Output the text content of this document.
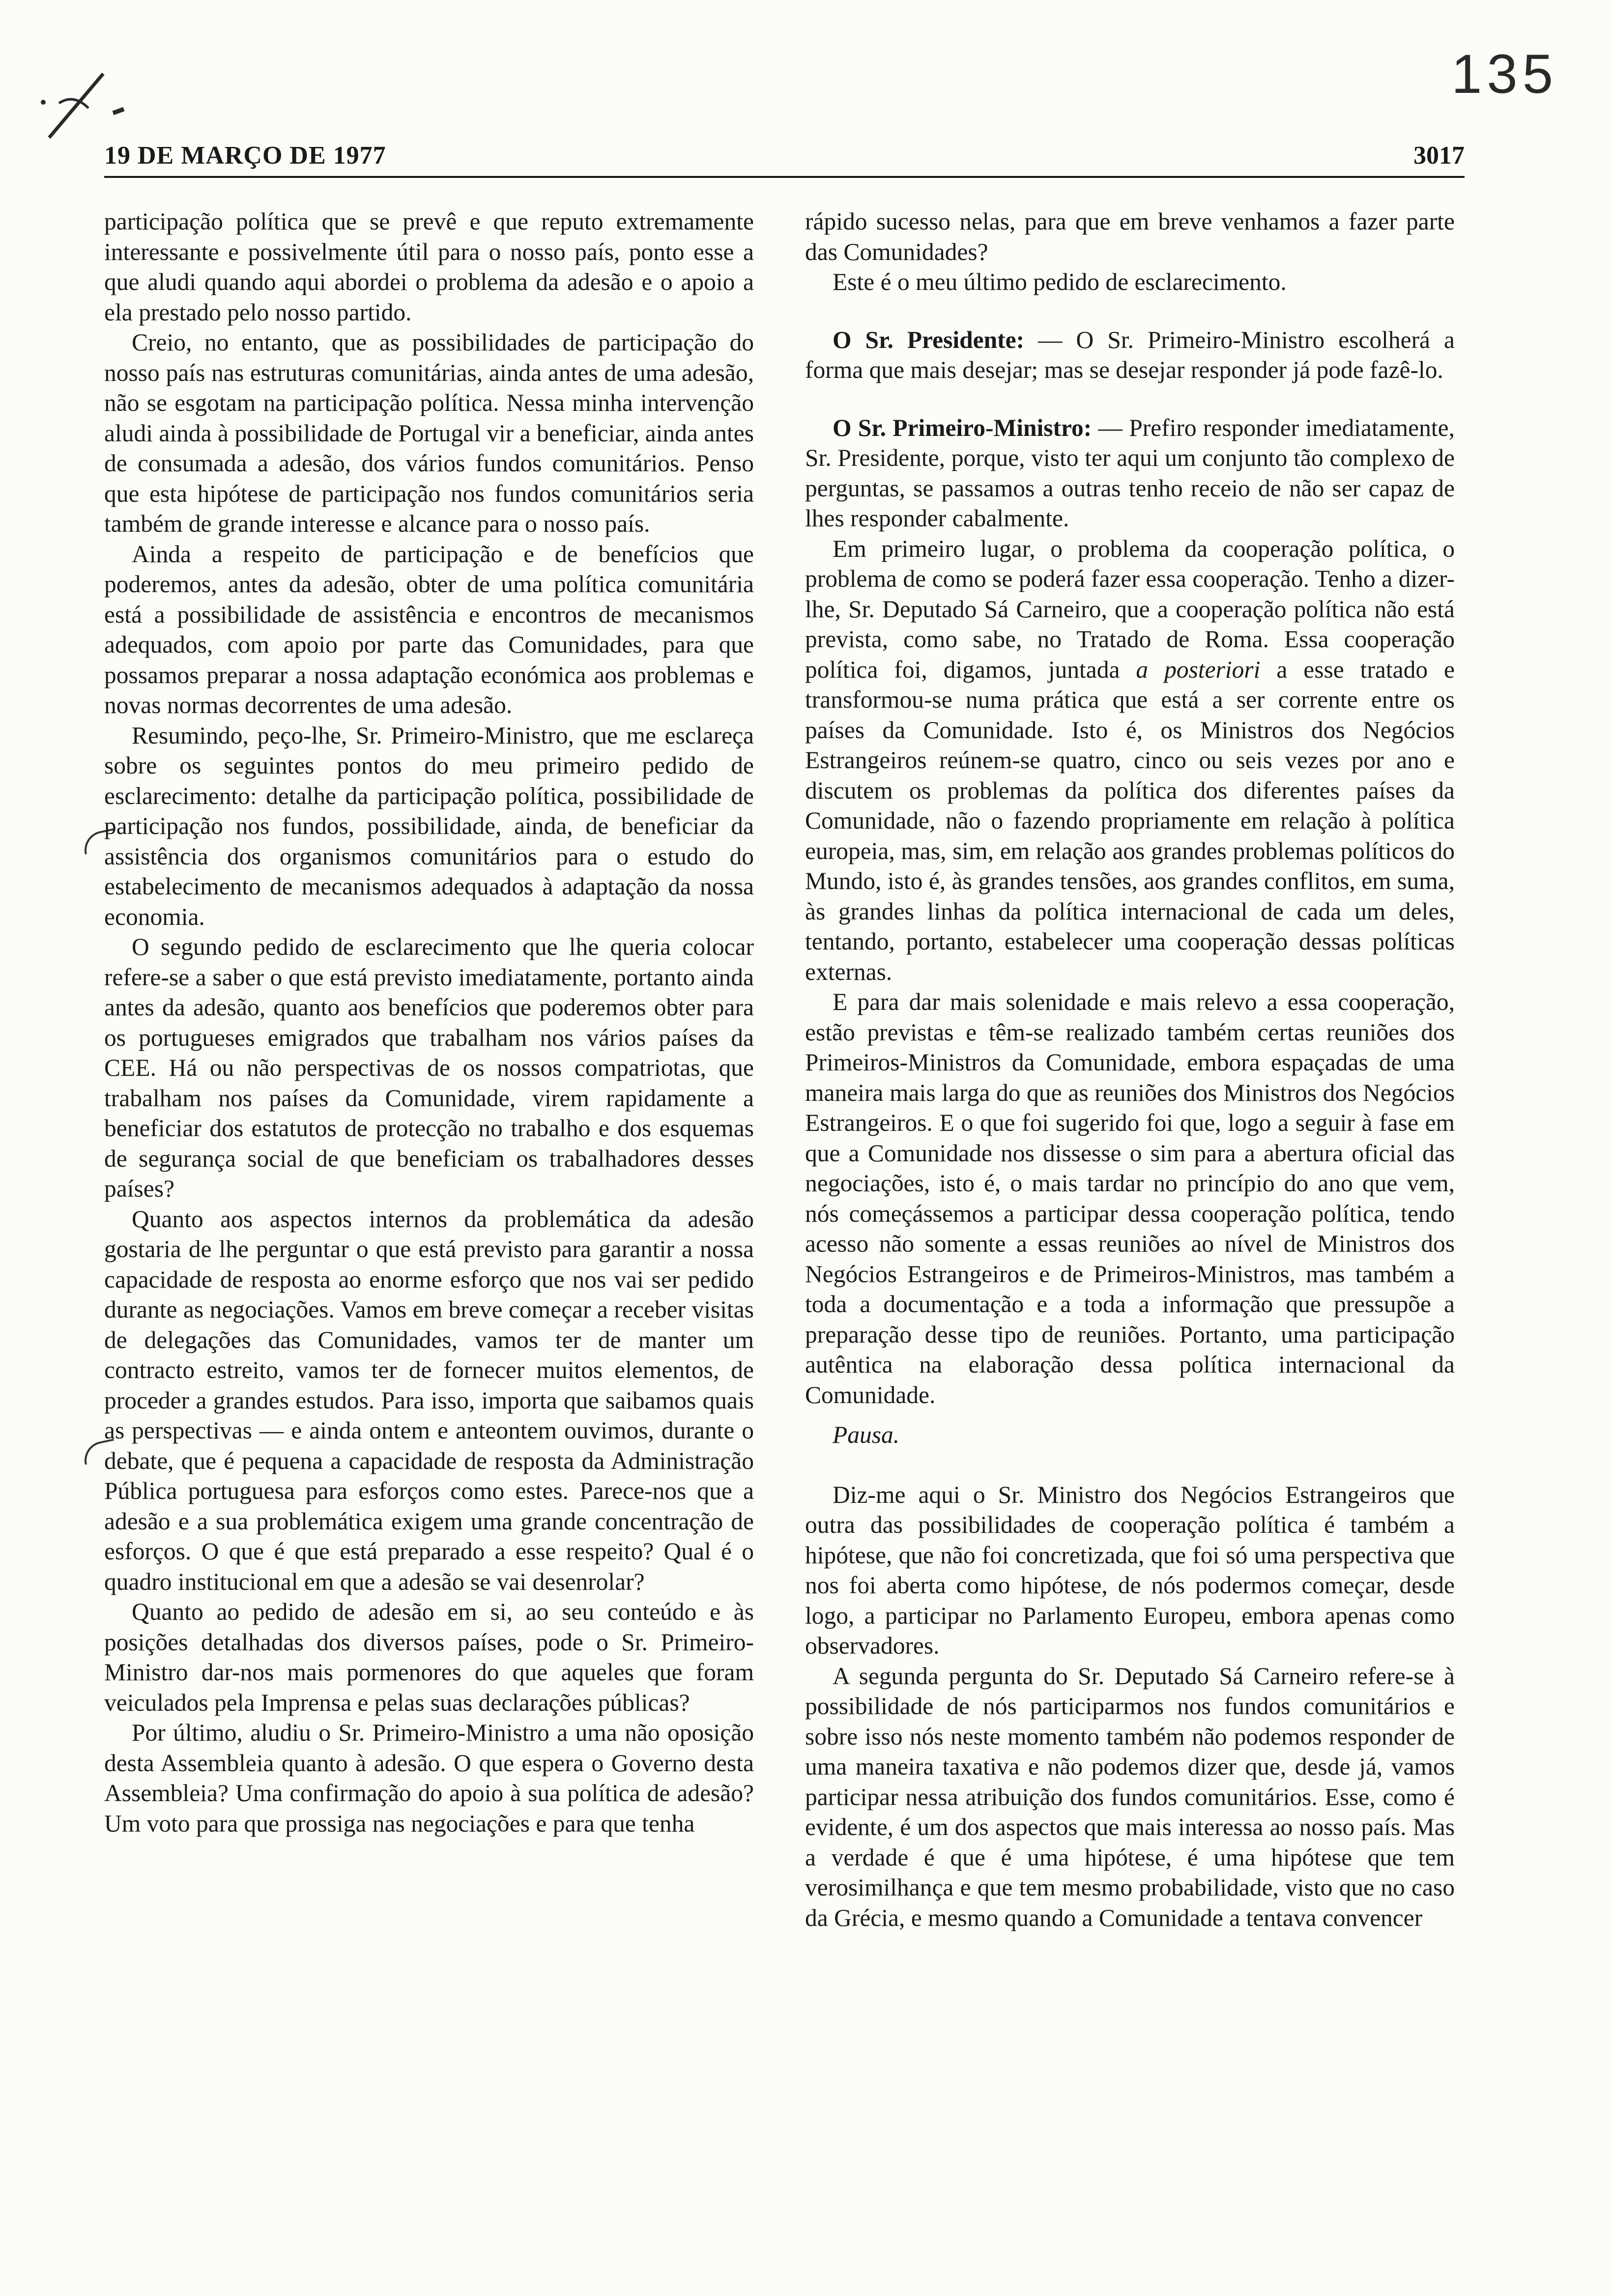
135
19 DE MARÇO DE 1977	3017

participação política que se prevê e que reputo extremamente interessante e possivelmente útil para o nosso país, ponto esse a que aludi quando aqui abordei o problema da adesão e o apoio a ela prestado pelo nosso partido.

Creio, no entanto, que as possibilidades de participação do nosso país nas estruturas comunitárias, ainda antes de uma adesão, não se esgotam na participação política. Nessa minha intervenção aludi ainda à possibilidade de Portugal vir a beneficiar, ainda antes de consumada a adesão, dos vários fundos comunitários. Penso que esta hipótese de participação nos fundos comunitários seria também de grande interesse e alcance para o nosso país.

Ainda a respeito de participação e de benefícios que poderemos, antes da adesão, obter de uma política comunitária está a possibilidade de assistência e encontros de mecanismos adequados, com apoio por parte das Comunidades, para que possamos preparar a nossa adaptação económica aos problemas e novas normas decorrentes de uma adesão.

Resumindo, peço-lhe, Sr. Primeiro-Ministro, que me esclareça sobre os seguintes pontos do meu primeiro pedido de esclarecimento: detalhe da participação política, possibilidade de participação nos fundos, possibilidade, ainda, de beneficiar da assistência dos organismos comunitários para o estudo do estabelecimento de mecanismos adequados à adaptação da nossa economia.

O segundo pedido de esclarecimento que lhe queria colocar refere-se a saber o que está previsto imediatamente, portanto ainda antes da adesão, quanto aos benefícios que poderemos obter para os portugueses emigrados que trabalham nos vários países da CEE. Há ou não perspectivas de os nossos compatriotas, que trabalham nos países da Comunidade, virem rapidamente a beneficiar dos estatutos de protecção no trabalho e dos esquemas de segurança social de que beneficiam os trabalhadores desses países?

Quanto aos aspectos internos da problemática da adesão gostaria de lhe perguntar o que está previsto para garantir a nossa capacidade de resposta ao enorme esforço que nos vai ser pedido durante as negociações. Vamos em breve começar a receber visitas de delegações das Comunidades, vamos ter de manter um contracto estreito, vamos ter de fornecer muitos elementos, de proceder a grandes estudos. Para isso, importa que saibamos quais as perspectivas — e ainda ontem e anteontem ouvimos, durante o debate, que é pequena a capacidade de resposta da Administração Pública portuguesa para esforços como estes. Parece-nos que a adesão e a sua problemática exigem uma grande concentração de esforços. O que é que está preparado a esse respeito? Qual é o quadro institucional em que a adesão se vai desenrolar?

Quanto ao pedido de adesão em si, ao seu conteúdo e às posições detalhadas dos diversos países, pode o Sr. Primeiro-Ministro dar-nos mais pormenores do que aqueles que foram veiculados pela Imprensa e pelas suas declarações públicas?

Por último, aludiu o Sr. Primeiro-Ministro a uma não oposição desta Assembleia quanto à adesão. O que espera o Governo desta Assembleia? Uma confirmação do apoio à sua política de adesão? Um voto para que prossiga nas negociações e para que tenha

rápido sucesso nelas, para que em breve venhamos a fazer parte das Comunidades?

Este é o meu último pedido de esclarecimento.

O Sr. Presidente: — O Sr. Primeiro-Ministro escolherá a forma que mais desejar; mas se desejar responder já pode fazê-lo.

O Sr. Primeiro-Ministro: — Prefiro responder imediatamente, Sr. Presidente, porque, visto ter aqui um conjunto tão complexo de perguntas, se passamos a outras tenho receio de não ser capaz de lhes responder cabalmente.

Em primeiro lugar, o problema da cooperação política, o problema de como se poderá fazer essa cooperação. Tenho a dizer-lhe, Sr. Deputado Sá Carneiro, que a cooperação política não está prevista, como sabe, no Tratado de Roma. Essa cooperação política foi, digamos, juntada a posteriori a esse tratado e transformou-se numa prática que está a ser corrente entre os países da Comunidade. Isto é, os Ministros dos Negócios Estrangeiros reúnem-se quatro, cinco ou seis vezes por ano e discutem os problemas da política dos diferentes países da Comunidade, não o fazendo propriamente em relação à política europeia, mas, sim, em relação aos grandes problemas políticos do Mundo, isto é, às grandes tensões, aos grandes conflitos, em suma, às grandes linhas da política internacional de cada um deles, tentando, portanto, estabelecer uma cooperação dessas políticas externas.

E para dar mais solenidade e mais relevo a essa cooperação, estão previstas e têm-se realizado também certas reuniões dos Primeiros-Ministros da Comunidade, embora espaçadas de uma maneira mais larga do que as reuniões dos Ministros dos Negócios Estrangeiros. E o que foi sugerido foi que, logo a seguir à fase em que a Comunidade nos dissesse o sim para a abertura oficial das negociações, isto é, o mais tardar no princípio do ano que vem, nós começássemos a participar dessa cooperação política, tendo acesso não somente a essas reuniões ao nível de Ministros dos Negócios Estrangeiros e de Primeiros-Ministros, mas também a toda a documentação e a toda a informação que pressupõe a preparação desse tipo de reuniões. Portanto, uma participação autêntica na elaboração dessa política internacional da Comunidade.

Pausa.

Diz-me aqui o Sr. Ministro dos Negócios Estrangeiros que outra das possibilidades de cooperação política é também a hipótese, que não foi concretizada, que foi só uma perspectiva que nos foi aberta como hipótese, de nós podermos começar, desde logo, a participar no Parlamento Europeu, embora apenas como observadores.

A segunda pergunta do Sr. Deputado Sá Carneiro refere-se à possibilidade de nós participarmos nos fundos comunitários e sobre isso nós neste momento também não podemos responder de uma maneira taxativa e não podemos dizer que, desde já, vamos participar nessa atribuição dos fundos comunitários. Esse, como é evidente, é um dos aspectos que mais interessa ao nosso país. Mas a verdade é que é uma hipótese, é uma hipótese que tem verosimilhança e que tem mesmo probabilidade, visto que no caso da Grécia, e mesmo quando a Comunidade a tentava convencer
